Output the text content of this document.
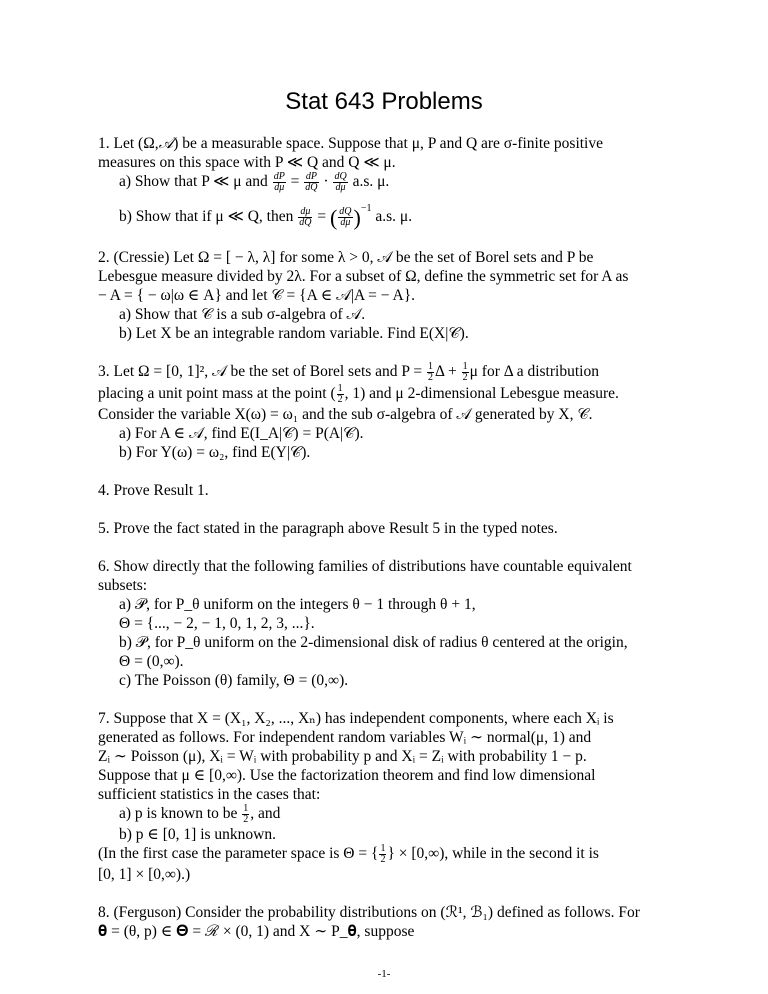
Stat 643 Problems
1. Let (Ω,𝒜) be a measurable space. Suppose that μ, P and Q are σ-finite positive
measures on this space with P ≪ Q and Q ≪ μ.
a) Show that P ≪ μ and $\frac{dP}{d\mu} = \frac{dP}{dQ} \cdot \frac{dQ}{d\mu} a.s$. μ.
b) Show that if μ ≪ Q, then $\frac{d\mu}{dQ}$ = ( $\frac{dQ}{d\mu} )^{-1}$ a.s. μ.
2. (Cressie) Let Ω = [ − λ, λ] for some λ > 0, 𝒜 be the set of Borel sets and P be
Lebesgue measure divided by 2λ. For a subset of Ω, define the symmetric set for A as
− A = { − ω|ω ∈ A} and let 𝒞 = {A ∈ 𝒜|A = − A}.
a) Show that 𝒞 is a sub σ-algebra of 𝒜.
b) Let X be an integrable random variable. Find E(X|𝒞).
3. Let Ω = [0, 1]², 𝒜 be the set of Borel sets and $P = \frac{1}{2}$ $\Delta + \frac{1}{2}$ μ for Δ a distribution
placing a unit point mass at the point ( $\frac{1}{2}$ , 1) and μ 2-dimensional Lebesgue measure.
Consider the variable X(ω) = ω₁ and the sub σ-algebra of 𝒜 generated by X, 𝒞.
a) For A ∈ 𝒜, find E(I_A|𝒞) = P(A|𝒞).
b) For Y(ω) = ω₂, find E(Y|𝒞).
4. Prove Result 1.
5. Prove the fact stated in the paragraph above Result 5 in the typed notes.
6. Show directly that the following families of distributions have countable equivalent
subsets:
a) 𝒫, for P_θ uniform on the integers θ − 1 through θ + 1,
Θ = {..., − 2, − 1, 0, 1, 2, 3, ...}.
b) 𝒫, for P_θ uniform on the 2-dimensional disk of radius θ centered at the origin,
Θ = (0,∞).
c) The Poisson (θ) family, Θ = (0,∞).
7. Suppose that X = (X₁, X₂, ..., Xₙ) has independent components, where each Xᵢ is
generated as follows. For independent random variables Wᵢ ∼ normal(μ, 1) and
Zᵢ ∼ Poisson (μ), Xᵢ = Wᵢ with probability p and Xᵢ = Zᵢ with probability 1 − p.
Suppose that μ ∈ [0,∞). Use the factorization theorem and find low dimensional
sufficient statistics in the cases that:
a) p is known to be $\frac{1}{2}$ , and
b) p ∈ [0, 1] is unknown.
(In the first case the parameter space is Θ = { $\frac{1}{2}$ } × [0,∞), while in the second it is
[0, 1] × [0,∞).)
8. (Ferguson) Consider the probability distributions on (ℛ¹, ℬ₁) defined as follows. For
𝛉 = (θ, p) ∈ 𝚯 = ℛ × (0, 1) and X ∼ P_𝛉, suppose
-1-
